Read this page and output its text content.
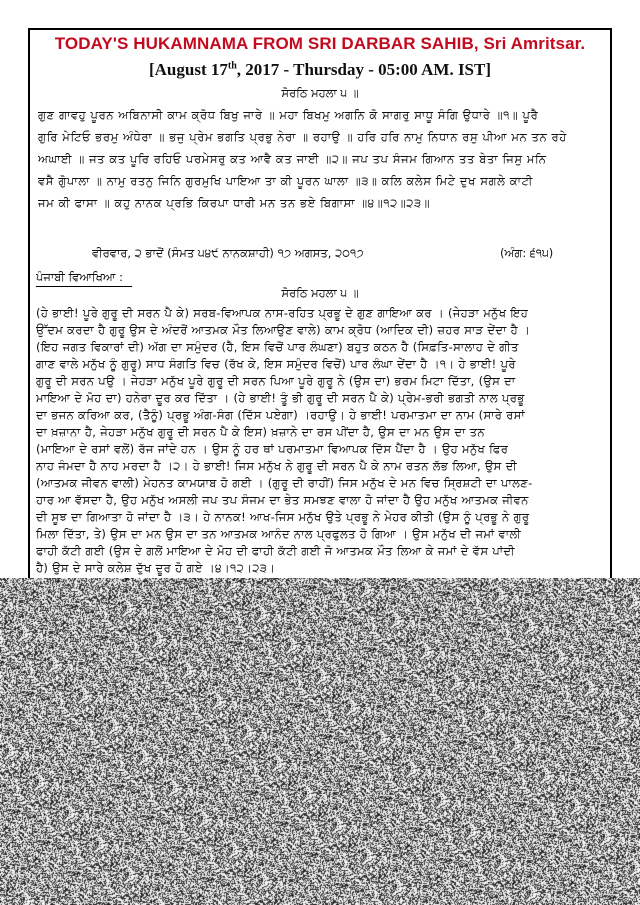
TODAY'S HUKAMNAMA FROM SRI DARBAR SAHIB, Sri Amritsar.
[August 17th, 2017 - Thursday - 05:00 AM. IST]
ਸੋਰਠਿ ਮਹਲਾ ੫ ॥
ਗੁਣ ਗਾਵਹੁ ਪੂਰਨ ਅਬਿਨਾਸੀ ਕਾਮ ਕ੍ਰੋਧ ਬਿਖੁ ਜਾਰੇ ॥ ਮਹਾ ਬਿਖਮੁ ਅਗਨਿ ਕੋ ਸਾਗਰੁ ਸਾਧੂ ਸੰਗਿ ਉਧਾਰੇ ॥੧॥ ਪੂਰੈ
ਗੁਰਿ ਮੇਟਿਓ ਭਰਮੁ ਅੰਧੇਰਾ ॥ ਭਜੁ ਪ੍ਰੇਮ ਭਗਤਿ ਪ੍ਰਭੁ ਨੇਰਾ ॥ ਰਹਾਉ ॥ ਹਰਿ ਹਰਿ ਨਾਮੁ ਨਿਧਾਨ ਰਸੁ ਪੀਆ ਮਨ ਤਨ ਰਹੇ
ਅਘਾਈ ॥ ਜਤ ਕਤ ਪੂਰਿ ਰਹਿਓ ਪਰਮੇਸਰੁ ਕਤ ਆਵੈ ਕਤ ਜਾਈ ॥੨॥ ਜਪ ਤਪ ਸੰਜਮ ਗਿਆਨ ਤਤ ਬੇਤਾ ਜਿਸੁ ਮਨਿ
ਵਸੈ ਗੋੁਪਾਲਾ ॥ ਨਾਮੁ ਰਤਨੁ ਜਿਨਿ ਗੁਰਮੁਖਿ ਪਾਇਆ ਤਾ ਕੀ ਪੂਰਨ ਘਾਲਾ ॥੩॥ ਕਲਿ ਕਲੇਸ ਮਿਟੇ ਦੁਖ ਸਗਲੇ ਕਾਟੀ
ਜਮ ਕੀ ਫਾਸਾ ॥ ਕਹੁ ਨਾਨਕ ਪ੍ਰਭਿ ਕਿਰਪਾ ਧਾਰੀ ਮਨ ਤਨ ਭਏ ਬਿਗਾਸਾ ॥੪॥੧੨॥੨੩॥
ਵੀਰਵਾਰ, ੨ ਭਾਦੋਂ (ਸੰਮਤ ੫੪੯ ਨਾਨਕਸ਼ਾਹੀ) ੧੭ ਅਗਸਤ, ੨੦੧੭	(ਅੰਗ: ੬੧੫)
ਪੰਜਾਬੀ ਵਿਆਖਿਆ :
ਸੋਰਠਿ ਮਹਲਾ ੫ ॥
(ਹੇ ਭਾਈ! ਪੂਰੇ ਗੁਰੂ ਦੀ ਸਰਨ ਪੈ ਕੇ) ਸਰਬ-ਵਿਆਪਕ ਨਾਸ-ਰਹਿਤ ਪ੍ਰਭੂ ਦੇ ਗੁਣ ਗਾਇਆ ਕਰ । (ਜੇਹੜਾ ਮਨੁੱਖ ਇਹ
ਉੱਦਮ ਕਰਦਾ ਹੈ ਗੁਰੂ ਉਸ ਦੇ ਅੰਦਰੋਂ ਆਤਮਕ ਮੌਤ ਲਿਆਉਣ ਵਾਲੇ) ਕਾਮ ਕ੍ਰੋਧ (ਆਦਿਕ ਦੀ) ਜ਼ਹਰ ਸਾੜ ਦੇਂਦਾ ਹੈ ।
(ਇਹ ਜਗਤ ਵਿਕਾਰਾਂ ਦੀ) ਅੱਗ ਦਾ ਸਮੁੰਦਰ (ਹੈ, ਇਸ ਵਿਚੋਂ ਪਾਰ ਲੰਘਣਾ) ਬਹੁਤ ਕਠਨ ਹੈ (ਸਿਫ਼ਤਿ-ਸਾਲਾਹ ਦੇ ਗੀਤ
ਗਾਣ ਵਾਲੇ ਮਨੁੱਖ ਨੂੰ ਗੁਰੂ) ਸਾਧ ਸੰਗਤਿ ਵਿਚ (ਰੱਖ ਕੇ, ਇਸ ਸਮੁੰਦਰ ਵਿਚੋਂ) ਪਾਰ ਲੰਘਾ ਦੇਂਦਾ ਹੈ ।੧। ਹੇ ਭਾਈ! ਪੂਰੇ
ਗੁਰੂ ਦੀ ਸਰਨ ਪਉ । ਜੇਹੜਾ ਮਨੁੱਖ ਪੂਰੇ ਗੁਰੂ ਦੀ ਸਰਨ ਪਿਆ ਪੂਰੇ ਗੁਰੂ ਨੇ (ਉਸ ਦਾ) ਭਰਮ ਮਿਟਾ ਦਿੱਤਾ, (ਉਸ ਦਾ
ਮਾਇਆ ਦੇ ਮੋਹ ਦਾ) ਹਨੇਰਾ ਦੂਰ ਕਰ ਦਿੱਤਾ । (ਹੇ ਭਾਈ! ਤੂੰ ਭੀ ਗੁਰੂ ਦੀ ਸਰਨ ਪੈ ਕੇ) ਪ੍ਰੇਮ-ਭਰੀ ਭਗਤੀ ਨਾਲ ਪ੍ਰਭੂ
ਦਾ ਭਜਨ ਕਰਿਆ ਕਰ, (ਤੈਨੂੰ) ਪ੍ਰਭੂ ਅੰਗ-ਸੰਗ (ਦਿੱਸ ਪਏਗਾ) ।ਰਹਾਉ। ਹੇ ਭਾਈ! ਪਰਮਾਤਮਾ ਦਾ ਨਾਮ (ਸਾਰੇ ਰਸਾਂ
ਦਾ ਖ਼ਜ਼ਾਨਾ ਹੈ, ਜੇਹੜਾ ਮਨੁੱਖ ਗੁਰੂ ਦੀ ਸਰਨ ਪੈ ਕੇ ਇਸ) ਖ਼ਜ਼ਾਨੇ ਦਾ ਰਸ ਪੀਂਦਾ ਹੈ, ਉਸ ਦਾ ਮਨ ਉਸ ਦਾ ਤਨ
(ਮਾਇਆ ਦੇ ਰਸਾਂ ਵਲੋਂ) ਰੱਜ ਜਾਂਦੇ ਹਨ । ਉਸ ਨੂੰ ਹਰ ਥਾਂ ਪਰਮਾਤਮਾ ਵਿਆਪਕ ਦਿੱਸ ਪੈਂਦਾ ਹੈ । ਉਹ ਮਨੁੱਖ ਫਿਰ
ਨਾਹ ਜੰਮਦਾ ਹੈ ਨਾਹ ਮਰਦਾ ਹੈ ।੨। ਹੇ ਭਾਈ! ਜਿਸ ਮਨੁੱਖ ਨੇ ਗੁਰੂ ਦੀ ਸਰਨ ਪੈ ਕੇ ਨਾਮ ਰਤਨ ਲੱਭ ਲਿਆ, ਉਸ ਦੀ
(ਆਤਮਕ ਜੀਵਨ ਵਾਲੀ) ਮੇਹਨਤ ਕਾਮਯਾਬ ਹੋ ਗਈ । (ਗੁਰੂ ਦੀ ਰਾਹੀਂ) ਜਿਸ ਮਨੁੱਖ ਦੇ ਮਨ ਵਿਚ ਸ੍ਰਿਸ਼ਟੀ ਦਾ ਪਾਲਣ-
ਹਾਰ ਆ ਵੱਸਦਾ ਹੈ, ਉਹ ਮਨੁੱਖ ਅਸਲੀ ਜਪ ਤਪ ਸੰਜਮ ਦਾ ਭੇਤ ਸਮਝਣ ਵਾਲਾ ਹੋ ਜਾਂਦਾ ਹੈ ਉਹ ਮਨੁੱਖ ਆਤਮਕ ਜੀਵਨ
ਦੀ ਸੂਝ ਦਾ ਗਿਆਤਾ ਹੋ ਜਾਂਦਾ ਹੈ ।੩। ਹੇ ਨਾਨਕ! ਆਖ-ਜਿਸ ਮਨੁੱਖ ਉਤੇ ਪ੍ਰਭੂ ਨੇ ਮੇਹਰ ਕੀਤੀ (ਉਸ ਨੂੰ ਪ੍ਰਭੂ ਨੇ ਗੁਰੂ
ਮਿਲਾ ਦਿੱਤਾ, ਤੇ) ਉਸ ਦਾ ਮਨ ਉਸ ਦਾ ਤਨ ਆਤਮਕ ਆਨੰਦ ਨਾਲ ਪ੍ਰਫੁਲਤ ਹੋ ਗਿਆ । ਉਸ ਮਨੁੱਖ ਦੀ ਜਮਾਂ ਵਾਲੀ
ਫਾਹੀ ਕੱਟੀ ਗਈ (ਉਸ ਦੇ ਗਲੋਂ ਮਾਇਆ ਦੇ ਮੋਹ ਦੀ ਫਾਹੀ ਕੱਟੀ ਗਈ ਜੋ ਆਤਮਕ ਮੌਤ ਲਿਆ ਕੇ ਜਮਾਂ ਦੇ ਵੱਸ ਪਾਂਦੀ
ਹੈ) ਉਸ ਦੇ ਸਾਰੇ ਕਲੇਸ਼ ਦੁੱਖ ਦੂਰ ਹੋ ਗਏ ।੪।੧੨।੨੩।
